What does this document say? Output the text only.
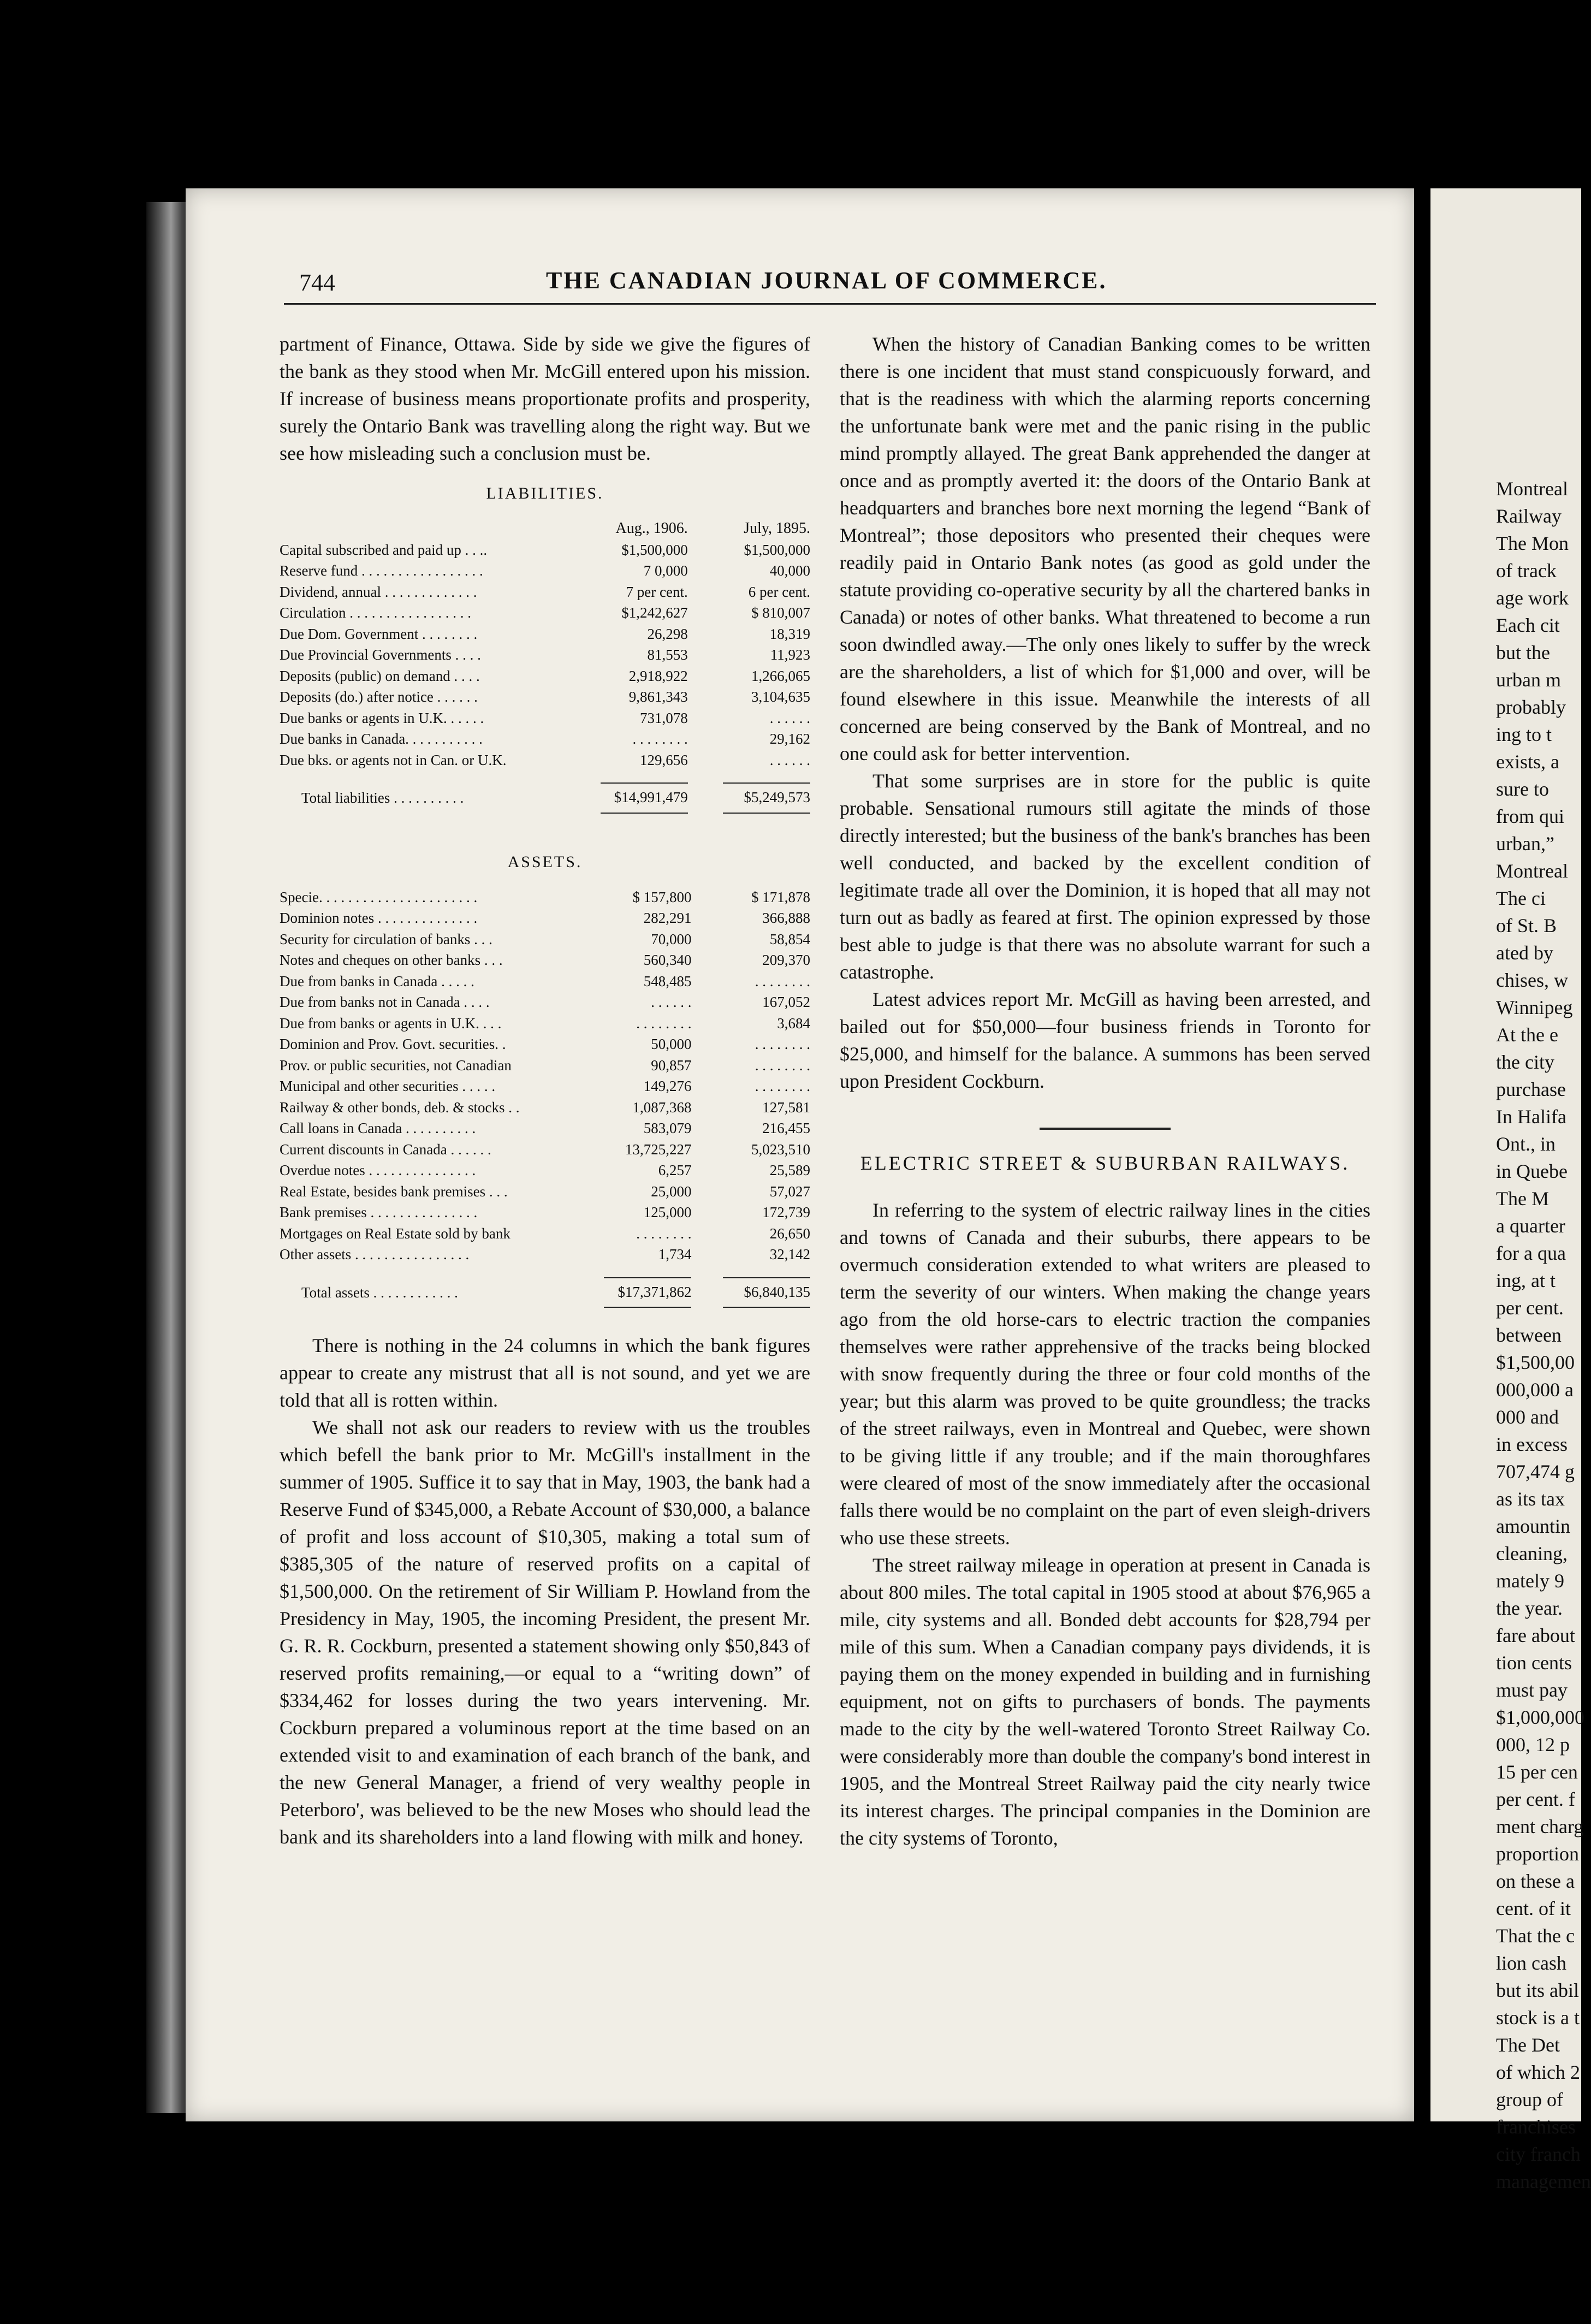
Montreal
Railway
The Mon
of track
age work
Each cit
but the
urban m
probably
ing to t
exists, a
sure to
from qui
urban,”
Montreal
The ci
of St. B
ated by
chises, w
Winnipeg
At the e
the city
purchase
In Halifa
Ont., in
in Quebe
The M
a quarter
for a qua
ing, at t
per cent.
between
$1,500,00
000,000 a
000 and
in excess
707,474 g
as its tax
amountin
cleaning,
mately 9
the year.
fare about
tion cents
must pay
$1,000,000
000, 12 p
15 per cen
per cent. f
ment charg
proportion
on these a
cent. of it
That the c
lion cash
but its abil
stock is a t
The Det
of which 2
group of
franchises
city franch
managemen
744	THE CANADIAN JOURNAL OF COMMERCE.

partment of Finance, Ottawa. Side by side we give the figures of the bank as they stood when Mr. McGill entered upon his mission. If increase of business means proportionate profits and prosperity, surely the Ontario Bank was travelling along the right way. But we see how misleading such a conclusion must be.

LIABILITIES.
	Aug., 1906.	July, 1895.
Capital subscribed and paid up . . ..	$1,500,000	$1,500,000
Reserve fund . . . . . . . . . . . . . . . . .	7 0,000	40,000
Dividend, annual . . . . . . . . . . . . .	7 per cent.	6 per cent.
Circulation . . . . . . . . . . . . . . . . .	$1,242,627	$ 810,007
Due Dom. Government . . . . . . . .	26,298	18,319
Due Provincial Governments . . . .	81,553	11,923
Deposits (public) on demand . . . .	2,918,922	1,266,065
Deposits (do.) after notice . . . . . .	9,861,343	3,104,635
Due banks or agents in U.K. . . . . .	731,078	. . . . . .
Due banks in Canada. . . . . . . . . . .	. . . . . . . .	29,162
Due bks. or agents not in Can. or U.K.	129,656	. . . . . .
Total liabilities . . . . . . . . . .	$14,991,479	$5,249,573
ASSETS.
Specie. . . . . . . . . . . . . . . . . . . . . .	$ 157,800	$ 171,878
Dominion notes . . . . . . . . . . . . . .	282,291	366,888
Security for circulation of banks . . .	70,000	58,854
Notes and cheques on other banks . . .	560,340	209,370
Due from banks in Canada . . . . .	548,485	. . . . . . . .
Due from banks not in Canada . . . .	. . . . . .	167,052
Due from banks or agents in U.K. . . .	. . . . . . . .	3,684
Dominion and Prov. Govt. securities. .	50,000	. . . . . . . .
Prov. or public securities, not Canadian	90,857	. . . . . . . .
Municipal and other securities . . . . .	149,276	. . . . . . . .
Railway & other bonds, deb. & stocks . .	1,087,368	127,581
Call loans in Canada . . . . . . . . . .	583,079	216,455
Current discounts in Canada . . . . . .	13,725,227	5,023,510
Overdue notes . . . . . . . . . . . . . . .	6,257	25,589
Real Estate, besides bank premises . . .	25,000	57,027
Bank premises . . . . . . . . . . . . . . .	125,000	172,739
Mortgages on Real Estate sold by bank	. . . . . . . .	26,650
Other assets . . . . . . . . . . . . . . . .	1,734	32,142
Total assets . . . . . . . . . . . .	$17,371,862	$6,840,135

There is nothing in the 24 columns in which the bank figures appear to create any mistrust that all is not sound, and yet we are told that all is rotten within.

We shall not ask our readers to review with us the troubles which befell the bank prior to Mr. McGill's installment in the summer of 1905. Suffice it to say that in May, 1903, the bank had a Reserve Fund of $345,000, a Rebate Account of $30,000, a balance of profit and loss account of $10,305, making a total sum of $385,305 of the nature of reserved profits on a capital of $1,500,000. On the retirement of Sir William P. Howland from the Presidency in May, 1905, the incoming President, the present Mr. G. R. R. Cockburn, presented a statement showing only $50,843 of reserved profits remaining,—or equal to a “writing down” of $334,462 for losses during the two years intervening. Mr. Cockburn prepared a voluminous report at the time based on an extended visit to and examination of each branch of the bank, and the new General Manager, a friend of very wealthy people in Peterboro', was believed to be the new Moses who should lead the bank and its shareholders into a land flowing with milk and honey.

When the history of Canadian Banking comes to be written there is one incident that must stand conspicuously forward, and that is the readiness with which the alarming reports concerning the unfortunate bank were met and the panic rising in the public mind promptly allayed. The great Bank apprehended the danger at once and as promptly averted it: the doors of the Ontario Bank at headquarters and branches bore next morning the legend “Bank of Montreal”; those depositors who presented their cheques were readily paid in Ontario Bank notes (as good as gold under the statute providing co-operative security by all the chartered banks in Canada) or notes of other banks. What threatened to become a run soon dwindled away.—The only ones likely to suffer by the wreck are the shareholders, a list of which for $1,000 and over, will be found elsewhere in this issue. Meanwhile the interests of all concerned are being conserved by the Bank of Montreal, and no one could ask for better intervention.

That some surprises are in store for the public is quite probable. Sensational rumours still agitate the minds of those directly interested; but the business of the bank's branches has been well conducted, and backed by the excellent condition of legitimate trade all over the Dominion, it is hoped that all may not turn out as badly as feared at first. The opinion expressed by those best able to judge is that there was no absolute warrant for such a catastrophe.

Latest advices report Mr. McGill as having been arrested, and bailed out for $50,000—four business friends in Toronto for $25,000, and himself for the balance. A summons has been served upon President Cockburn.

ELECTRIC STREET & SUBURBAN RAILWAYS.

In referring to the system of electric railway lines in the cities and towns of Canada and their suburbs, there appears to be overmuch consideration extended to what writers are pleased to term the severity of our winters. When making the change years ago from the old horse-cars to electric traction the companies themselves were rather apprehensive of the tracks being blocked with snow frequently during the three or four cold months of the year; but this alarm was proved to be quite groundless; the tracks of the street railways, even in Montreal and Quebec, were shown to be giving little if any trouble; and if the main thoroughfares were cleared of most of the snow immediately after the occasional falls there would be no complaint on the part of even sleigh-drivers who use these streets.

The street railway mileage in operation at present in Canada is about 800 miles. The total capital in 1905 stood at about $76,965 a mile, city systems and all. Bonded debt accounts for $28,794 per mile of this sum. When a Canadian company pays dividends, it is paying them on the money expended in building and in furnishing equipment, not on gifts to purchasers of bonds. The payments made to the city by the well-watered Toronto Street Railway Co. were considerably more than double the company's bond interest in 1905, and the Montreal Street Railway paid the city nearly twice its interest charges. The principal companies in the Dominion are the city systems of Toronto,
